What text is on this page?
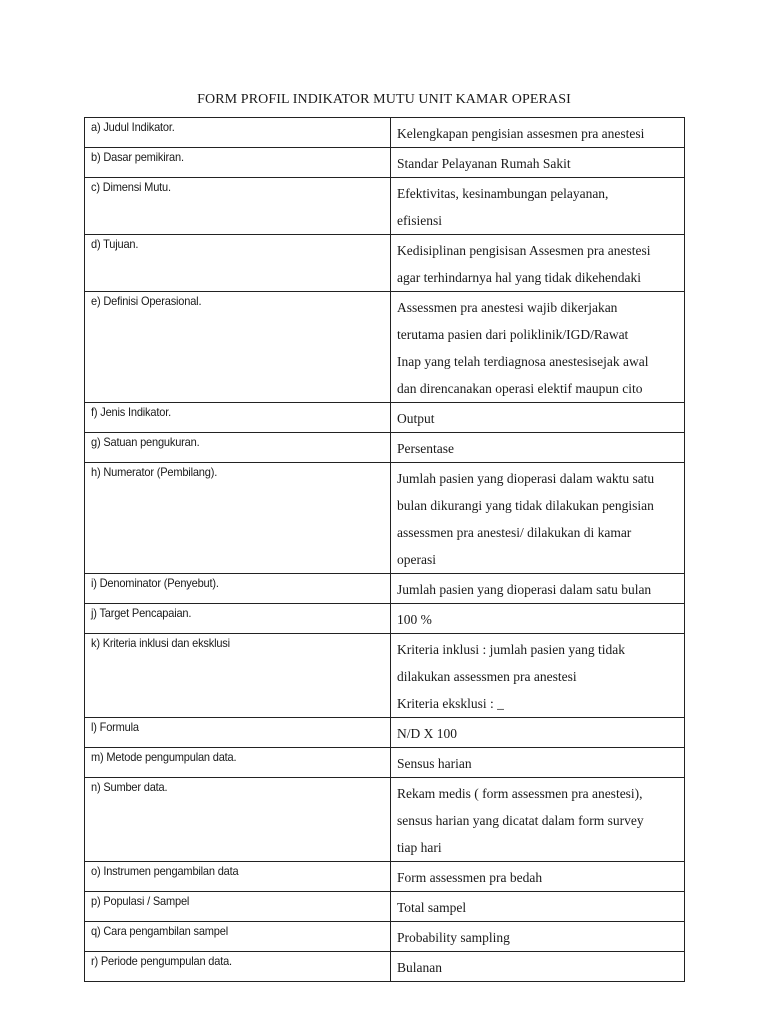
FORM PROFIL INDIKATOR MUTU UNIT KAMAR OPERASI
a) Judul Indikator.	Kelengkapan pengisian assesmen pra anestesi

b) Dasar pemikiran.	Standar Pelayanan Rumah Sakit

c) Dimensi Mutu.	Efektivitas, kesinambungan pelayanan,
efisiensi

d) Tujuan.	Kedisiplinan pengisisan Assesmen pra anestesi
agar terhindarnya hal yang tidak dikehendaki

e) Definisi Operasional.	Assessmen pra anestesi wajib dikerjakan
terutama pasien dari poliklinik/IGD/Rawat
Inap yang telah terdiagnosa anestesisejak awal
dan direncanakan operasi elektif maupun cito

f) Jenis Indikator.	Output

g) Satuan pengukuran.	Persentase

h) Numerator (Pembilang).	Jumlah pasien yang dioperasi dalam waktu satu
bulan dikurangi yang tidak dilakukan pengisian
assessmen pra anestesi/ dilakukan di kamar
operasi

i) Denominator (Penyebut).	Jumlah pasien yang dioperasi dalam satu bulan

j) Target Pencapaian.	100 %

k) Kriteria inklusi dan eksklusi	Kriteria inklusi : jumlah pasien yang tidak
dilakukan assessmen pra anestesi
Kriteria eksklusi : _

l) Formula	N/D X 100

m) Metode pengumpulan data.	Sensus harian

n) Sumber data.	Rekam medis ( form assessmen pra anestesi),
sensus harian yang dicatat dalam form survey
tiap hari

o) Instrumen pengambilan data	Form assessmen pra bedah

p) Populasi / Sampel	Total sampel

q) Cara pengambilan sampel	Probability sampling

r) Periode pengumpulan data.	Bulanan
